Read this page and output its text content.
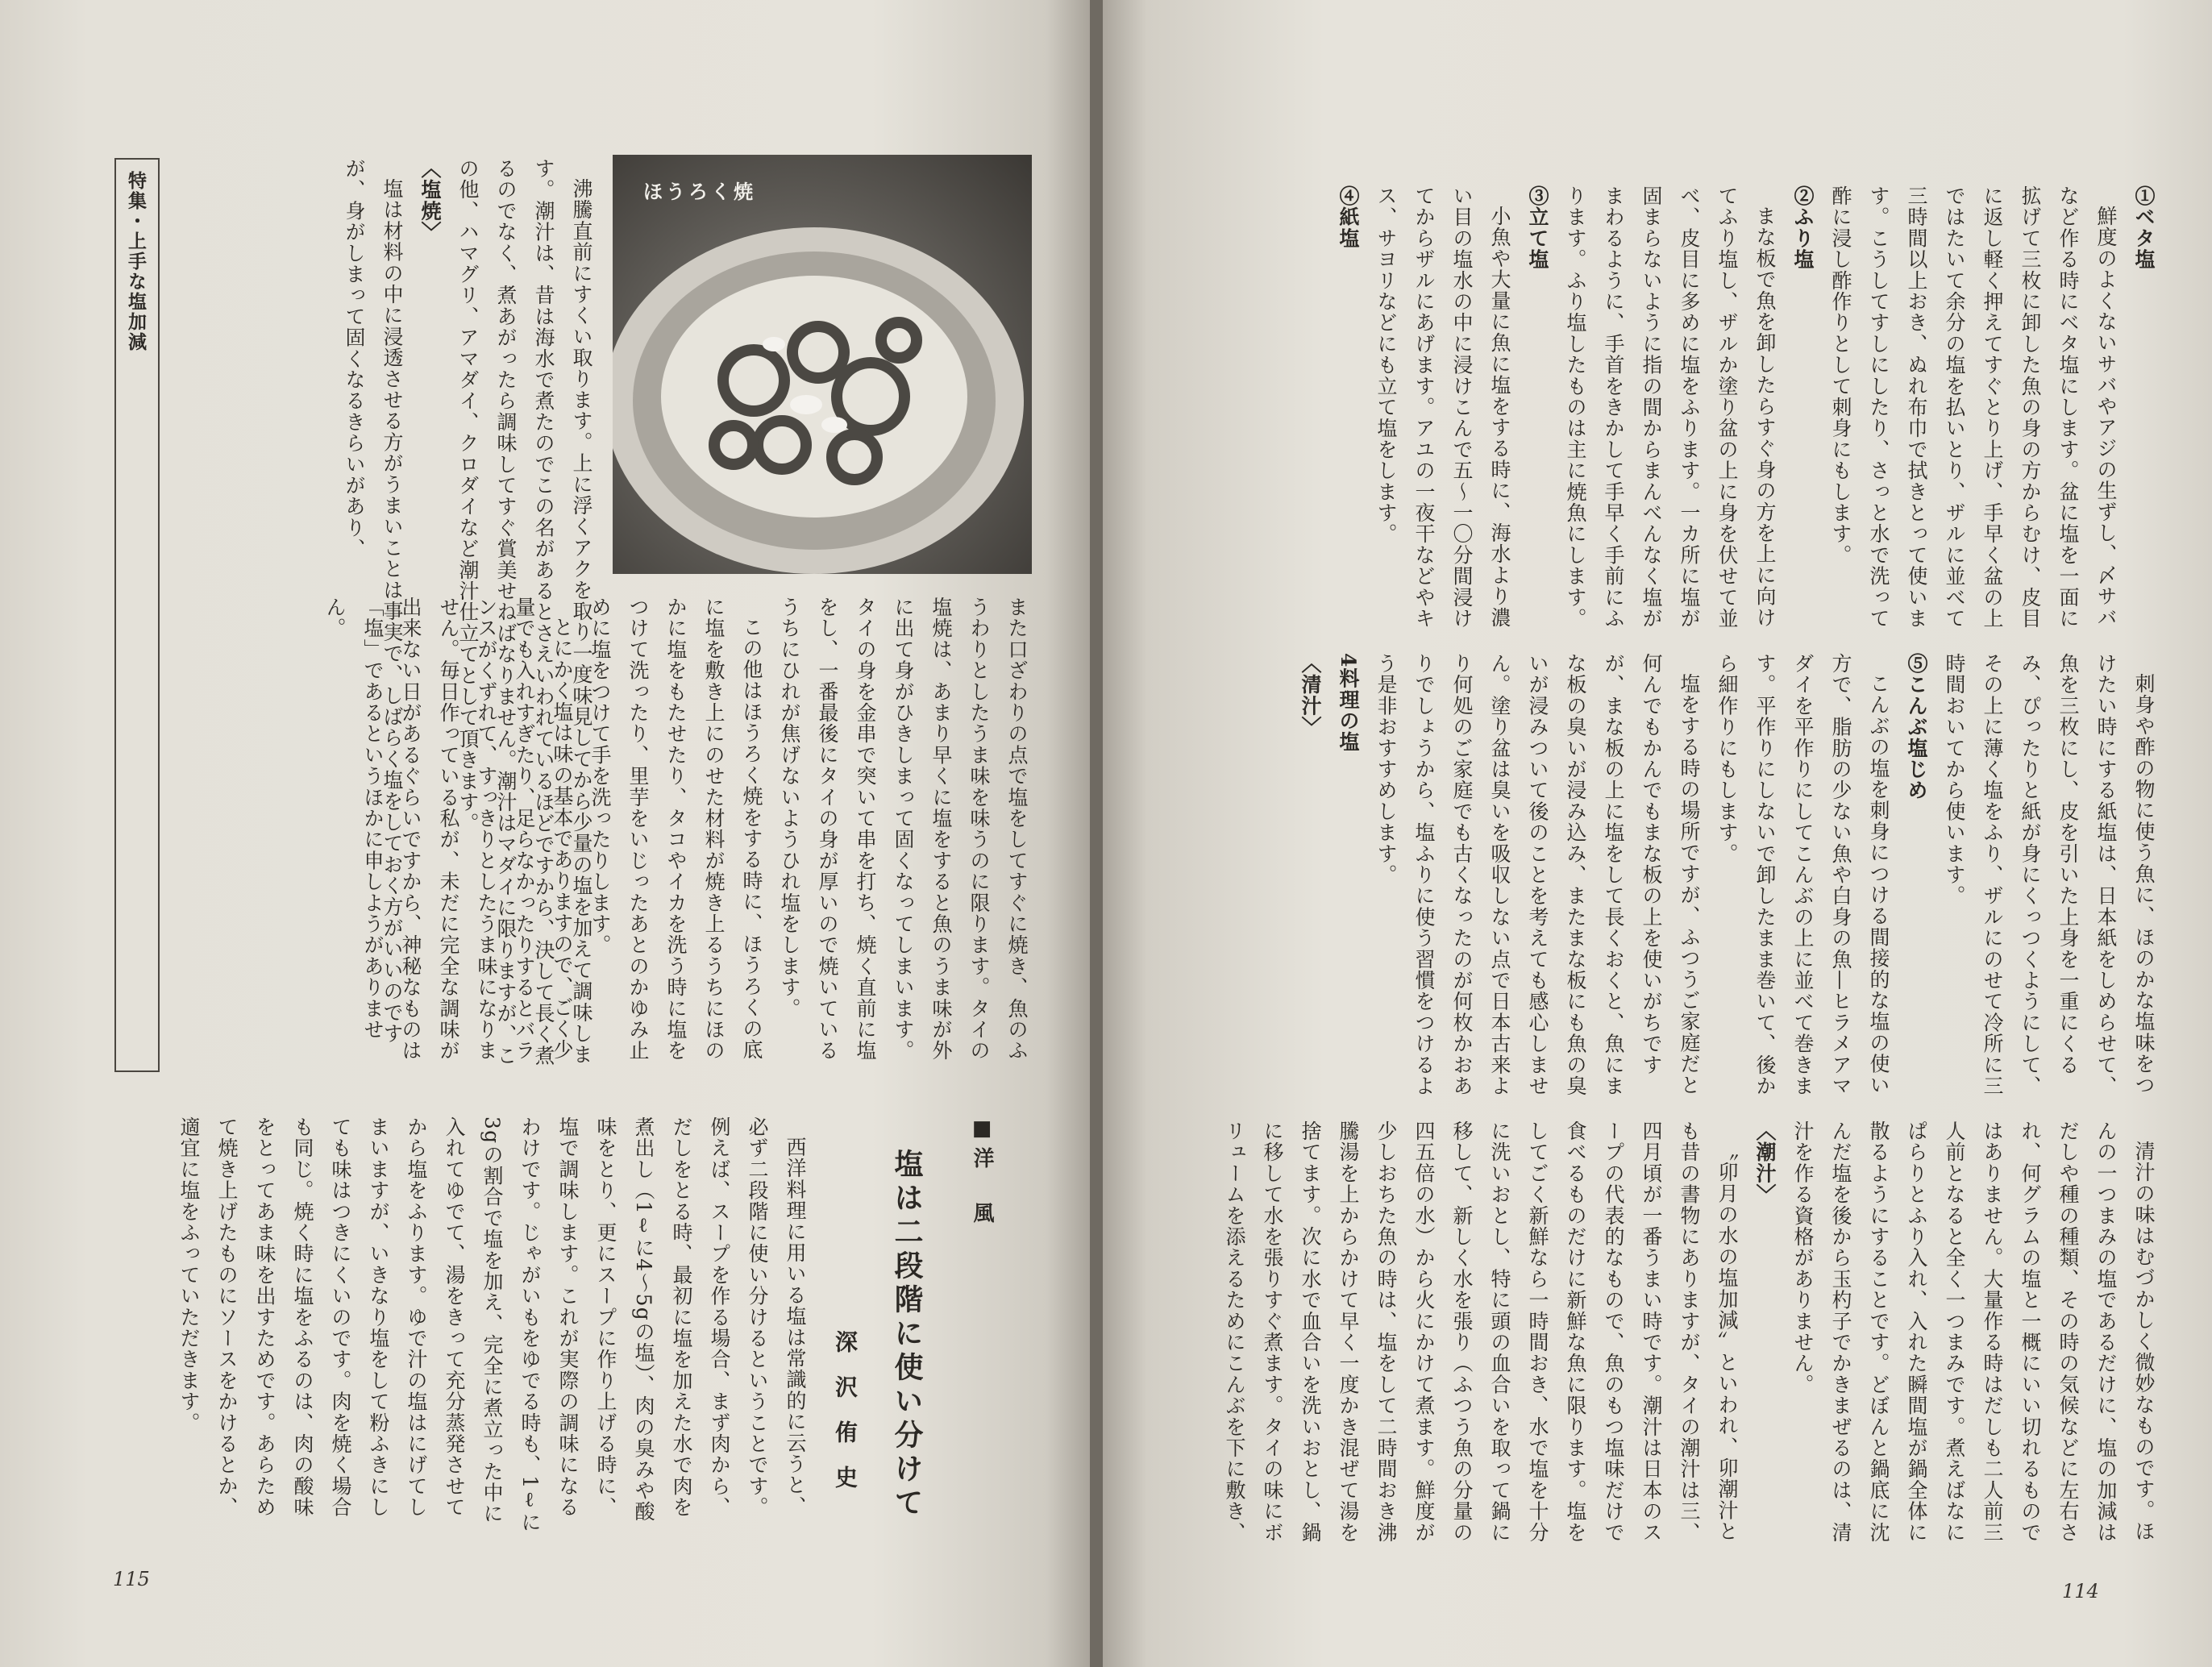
特集・上手な塩加減	ほうろく焼

沸騰直前にすくい取ります。上に浮くアクを取り一度味見してから少量の塩を加えて調味します。潮汁は、昔は海水で煮たのでこの名があるとさえいわれているほどですから、決して長く煮るのでなく、煮あがったら調味してすぐ賞美せねばなりません。潮汁はマダイに限りますが、この他、ハマグリ、アマダイ、クロダイなど潮汁仕立てとして頂きます。

〈塩焼〉

塩は材料の中に浸透させる方がうまいことは事実で、しばらく塩をしておく方がいいのですが、身がしまって固くなるきらいがあり、

また口ざわりの点で塩をしてすぐに焼き、魚のふうわりとしたうま味を味うのに限ります。タイの塩焼は、あまり早くに塩をすると魚のうま味が外に出て身がひきしまって固くなってしまいます。タイの身を金串で突いて串を打ち、焼く直前に塩をし、一番最後にタイの身が厚いので焼いているうちにひれが焦げないようひれ塩をします。

この他はほうろく焼をする時に、ほうろくの底に塩を敷き上にのせた材料が焼き上るうちにほのかに塩をもたせたり、タコやイカを洗う時に塩をつけて洗ったり、里芋をいじったあとのかゆみ止めに塩をつけて手を洗ったりします。

とにかく塩は味の基本でありますので、ごく少量でも入れすぎたり、足らなかったりするとバランスがくずれて、すっきりとしたうま味になりません。毎日作っている私が、未だに完全な調味が出来ない日があるぐらいですから、神秘なものは「塩」であるというほかに申しようがありません。

■洋　風
塩は二段階に使い分けて
深沢侑史

西洋料理に用いる塩は常識的に云うと、必ず二段階に使い分けるということです。例えば、スープを作る場合、まず肉から、だしをとる時、最初に塩を加えた水で肉を煮出し（1ℓに4〜5gの塩）、肉の臭みや酸味をとり、更にスープに作り上げる時に、塩で調味します。これが実際の調味になるわけです。じゃがいもをゆでる時も、1ℓに3gの割合で塩を加え、完全に煮立った中に入れてゆでて、湯をきって充分蒸発させてから塩をふります。ゆで汁の塩はにげてしまいますが、いきなり塩をして粉ふきにしても味はつきにくいのです。肉を焼く場合も同じ。焼く時に塩をふるのは、肉の酸味をとってあま味を出すためです。あらためて焼き上げたものにソースをかけるとか、適宜に塩をふっていただきます。

115

①ベタ塩

鮮度のよくないサバやアジの生ずし、〆サバなど作る時にベタ塩にします。盆に塩を一面に拡げて三枚に卸した魚の身の方からむけ、皮目に返し軽く押えてすぐとり上げ、手早く盆の上ではたいて余分の塩を払いとり、ザルに並べて三時間以上おき、ぬれ布巾で拭きとって使います。こうしてすしにしたり、さっと水で洗って酢に浸し酢作りとして刺身にもします。

②ふり塩

まな板で魚を卸したらすぐ身の方を上に向けてふり塩し、ザルか塗り盆の上に身を伏せて並べ、皮目に多めに塩をふります。一カ所に塩が固まらないように指の間からまんべんなく塩がまわるように、手首をきかして手早く手前にふります。ふり塩したものは主に焼魚にします。

③立て塩

小魚や大量に魚に塩をする時に、海水より濃い目の塩水の中に浸けこんで五〜一〇分間浸けてからザルにあげます。アユの一夜干などやキス、サヨリなどにも立て塩をします。

④紙塩

刺身や酢の物に使う魚に、ほのかな塩味をつけたい時にする紙塩は、日本紙をしめらせて、魚を三枚にし、皮を引いた上身を一重にくるみ、ぴったりと紙が身にくっつくようにして、その上に薄く塩をふり、ザルにのせて冷所に三時間おいてから使います。

⑤こんぶ塩じめ

こんぶの塩を刺身につける間接的な塩の使い方で、脂肪の少ない魚や白身の魚—ヒラメアマダイを平作りにしてこんぶの上に並べて巻きます。平作りにしないで卸したまま巻いて、後から細作りにもします。

塩をする時の場所ですが、ふつうご家庭だと何んでもかんでもまな板の上を使いがちですが、まな板の上に塩をして長くおくと、魚にまな板の臭いが浸み込み、またまな板にも魚の臭いが浸みついて後のことを考えても感心しません。塗り盆は臭いを吸収しない点で日本古来より何処のご家庭でも古くなったのが何枚かおありでしょうから、塩ふりに使う習慣をつけるよう是非おすすめします。

4料理の塩

〈清汁〉

清汁の味はむづかしく微妙なものです。ほんの一つまみの塩であるだけに、塩の加減はだしや種の種類、その時の気候などに左右され、何グラムの塩と一概にいい切れるものではありません。大量作る時はだしも二人前三人前となると全く一つまみです。煮えばなにぱらりとふり入れ、入れた瞬間塩が鍋全体に散るようにすることです。どぼんと鍋底に沈んだ塩を後から玉杓子でかきまぜるのは、清汁を作る資格がありません。

〈潮汁〉

〝卯月の水の塩加減〟といわれ、卯潮汁とも昔の書物にありますが、タイの潮汁は三、四月頃が一番うまい時です。潮汁は日本のスープの代表的なもので、魚のもつ塩味だけで食べるものだけに新鮮な魚に限ります。塩をしてごく新鮮なら一時間おき、水で塩を十分に洗いおとし、特に頭の血合いを取って鍋に移して、新しく水を張り（ふつう魚の分量の四五倍の水）から火にかけて煮ます。鮮度が少しおちた魚の時は、塩をして二時間おき沸騰湯を上からかけて早く一度かき混ぜて湯を捨てます。次に水で血合いを洗いおとし、鍋に移して水を張りすぐ煮ます。タイの味にボリュームを添えるためにこんぶを下に敷き、

114
